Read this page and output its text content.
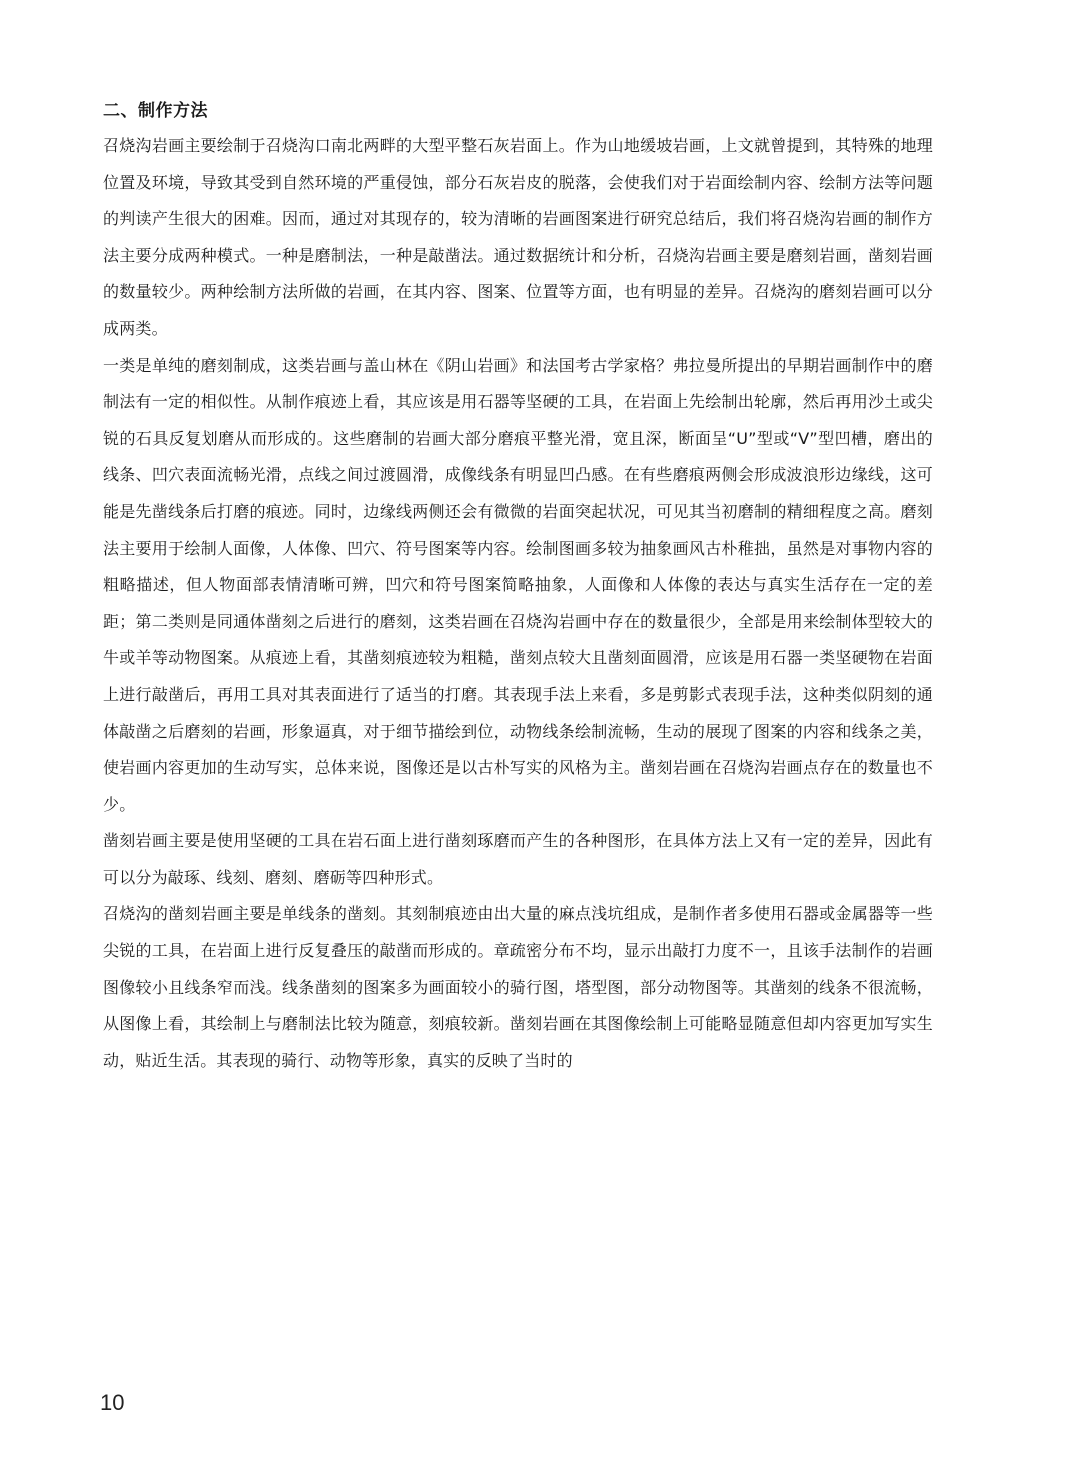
二、制作方法

召烧沟岩画主要绘制于召烧沟口南北两畔的大型平整石灰岩面上。作为山地缓坡岩画，上文就曾提到，其特殊的地理位置及环境，导致其受到自然环境的严重侵蚀，部分石灰岩皮的脱落，会使我们对于岩面绘制内容、绘制方法等问题的判读产生很大的困难。因而，通过对其现存的，较为清晰的岩画图案进行研究总结后，我们将召烧沟岩画的制作方法主要分成两种模式。一种是磨制法，一种是敲凿法。通过数据统计和分析，召烧沟岩画主要是磨刻岩画，凿刻岩画的数量较少。两种绘制方法所做的岩画，在其内容、图案、位置等方面，也有明显的差异。召烧沟的磨刻岩画可以分成两类。

一类是单纯的磨刻制成，这类岩画与盖山林在《阴山岩画》和法国考古学家格？弗拉曼所提出的早期岩画制作中的磨制法有一定的相似性。从制作痕迹上看，其应该是用石器等坚硬的工具，在岩面上先绘制出轮廓，然后再用沙土或尖锐的石具反复划磨从而形成的。这些磨制的岩画大部分磨痕平整光滑，宽且深，断面呈“U”型或“V”型凹槽，磨出的线条、凹穴表面流畅光滑，点线之间过渡圆滑，成像线条有明显凹凸感。在有些磨痕两侧会形成波浪形边缘线，这可能是先凿线条后打磨的痕迹。同时，边缘线两侧还会有微微的岩面突起状况，可见其当初磨制的精细程度之高。磨刻法主要用于绘制人面像，人体像、凹穴、符号图案等内容。绘制图画多较为抽象画风古朴稚拙，虽然是对事物内容的粗略描述，但人物面部表情清晰可辨，凹穴和符号图案简略抽象，人面像和人体像的表达与真实生活存在一定的差距；第二类则是同通体凿刻之后进行的磨刻，这类岩画在召烧沟岩画中存在的数量很少，全部是用来绘制体型较大的牛或羊等动物图案。从痕迹上看，其凿刻痕迹较为粗糙，凿刻点较大且凿刻面圆滑，应该是用石器一类坚硬物在岩面上进行敲凿后，再用工具对其表面进行了适当的打磨。其表现手法上来看，多是剪影式表现手法，这种类似阴刻的通体敲凿之后磨刻的岩画，形象逼真，对于细节描绘到位，动物线条绘制流畅，生动的展现了图案的内容和线条之美，使岩画内容更加的生动写实，总体来说，图像还是以古朴写实的风格为主。凿刻岩画在召烧沟岩画点存在的数量也不少。

凿刻岩画主要是使用坚硬的工具在岩石面上进行凿刻琢磨而产生的各种图形，在具体方法上又有一定的差异，因此有可以分为敲琢、线刻、磨刻、磨砺等四种形式。

召烧沟的凿刻岩画主要是单线条的凿刻。其刻制痕迹由出大量的麻点浅坑组成，是制作者多使用石器或金属器等一些尖锐的工具，在岩面上进行反复叠压的敲凿而形成的。章疏密分布不均，显示出敲打力度不一，且该手法制作的岩画图像较小且线条窄而浅。线条凿刻的图案多为画面较小的骑行图，塔型图，部分动物图等。其凿刻的线条不很流畅，从图像上看，其绘制上与磨制法比较为随意，刻痕较新。凿刻岩画在其图像绘制上可能略显随意但却内容更加写实生动，贴近生活。其表现的骑行、动物等形象，真实的反映了当时的

10
